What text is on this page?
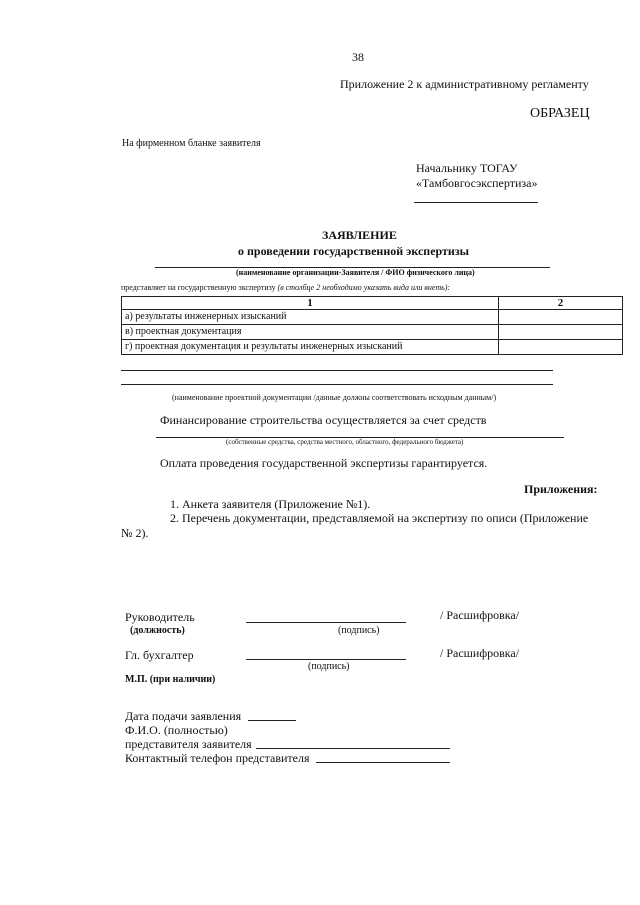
38
Приложение 2 к административному регламенту
ОБРАЗЕЦ
На фирменном бланке заявителя
Начальнику ТОГАУ
«Тамбовгосэкспертиза»
ЗАЯВЛЕНИЕ
о проведении государственной экспертизы
(наименование организации-Заявителя / ФИО физического лица)
представляет на государственную экспертизу (в столбце 2 необходимо указать вида или внеть):
1	2
а) результаты инженерных изысканий	
в) проектная документация	
г) проектная документация и результаты инженерных изысканий	
(наименование проектной документации /данные должны соответствовать исходным данным/)
Финансирование строительства осуществляется за счет средств
(собственные средства, средства местного, областного, федерального бюджета)
Оплата проведения государственной экспертизы гарантируется.
Приложения:
1. Анкета заявителя (Приложение №1).
2. Перечень документации, представляемой на экспертизу по описи (Приложение
№ 2).
Руководитель	/ Расшифровка/
(должность)	(подпись)
Гл. бухгалтер	/ Расшифровка/
(подпись)
М.П. (при наличии)
Дата подачи заявления
Ф.И.О. (полностью)
представителя заявителя
Контактный телефон представителя
